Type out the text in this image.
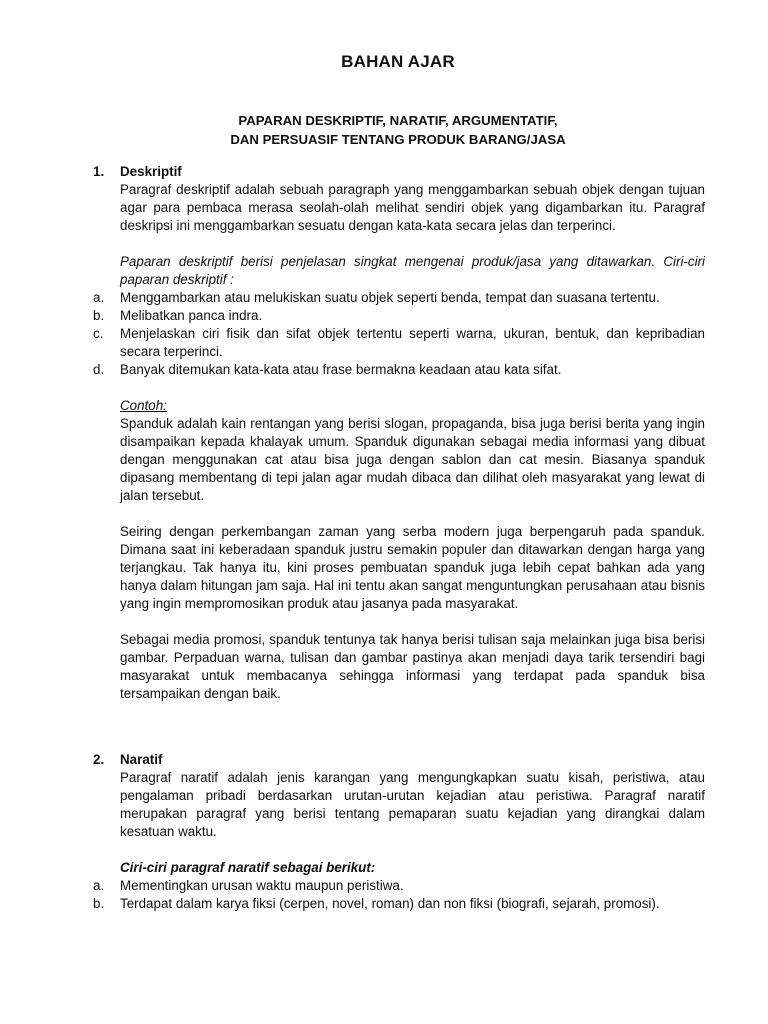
BAHAN AJAR
PAPARAN DESKRIPTIF, NARATIF, ARGUMENTATIF,
DAN PERSUASIF TENTANG PRODUK BARANG/JASA
1.	Deskriptif

Paragraf deskriptif adalah sebuah paragraph yang menggambarkan sebuah objek dengan tujuan agar para pembaca merasa seolah-olah melihat sendiri objek yang digambarkan itu. Paragraf deskripsi ini menggambarkan sesuatu dengan kata-kata secara jelas dan terperinci.

Paparan deskriptif berisi penjelasan singkat mengenai produk/jasa yang ditawarkan. Ciri-ciri paparan deskriptif :

a.	Menggambarkan atau melukiskan suatu objek seperti benda, tempat dan suasana tertentu.
b.	Melibatkan panca indra.
c.	Menjelaskan ciri fisik dan sifat objek tertentu seperti warna, ukuran, bentuk, dan kepribadian secara terperinci.
d.	Banyak ditemukan kata-kata atau frase bermakna keadaan atau kata sifat.

Contoh:

Spanduk adalah kain rentangan yang berisi slogan, propaganda, bisa juga berisi berita yang ingin disampaikan kepada khalayak umum. Spanduk digunakan sebagai media informasi yang dibuat dengan menggunakan cat atau bisa juga dengan sablon dan cat mesin. Biasanya spanduk dipasang membentang di tepi jalan agar mudah dibaca dan dilihat oleh masyarakat yang lewat di jalan tersebut.

Seiring dengan perkembangan zaman yang serba modern juga berpengaruh pada spanduk. Dimana saat ini keberadaan spanduk justru semakin populer dan ditawarkan dengan harga yang terjangkau. Tak hanya itu, kini proses pembuatan spanduk juga lebih cepat bahkan ada yang hanya dalam hitungan jam saja. Hal ini tentu akan sangat menguntungkan perusahaan atau bisnis yang ingin mempromosikan produk atau jasanya pada masyarakat.

Sebagai media promosi, spanduk tentunya tak hanya berisi tulisan saja melainkan juga bisa berisi gambar. Perpaduan warna, tulisan dan gambar pastinya akan menjadi daya tarik tersendiri bagi masyarakat untuk membacanya sehingga informasi yang terdapat pada spanduk bisa tersampaikan dengan baik.

2.	Naratif

Paragraf naratif adalah jenis karangan yang mengungkapkan suatu kisah, peristiwa, atau pengalaman pribadi berdasarkan urutan-urutan kejadian atau peristiwa. Paragraf naratif merupakan paragraf yang berisi tentang pemaparan suatu kejadian yang dirangkai dalam kesatuan waktu.

Ciri-ciri paragraf naratif sebagai berikut:

a.	Mementingkan urusan waktu maupun peristiwa.
b.	Terdapat dalam karya fiksi (cerpen, novel, roman) dan non fiksi (biografi, sejarah, promosi).
